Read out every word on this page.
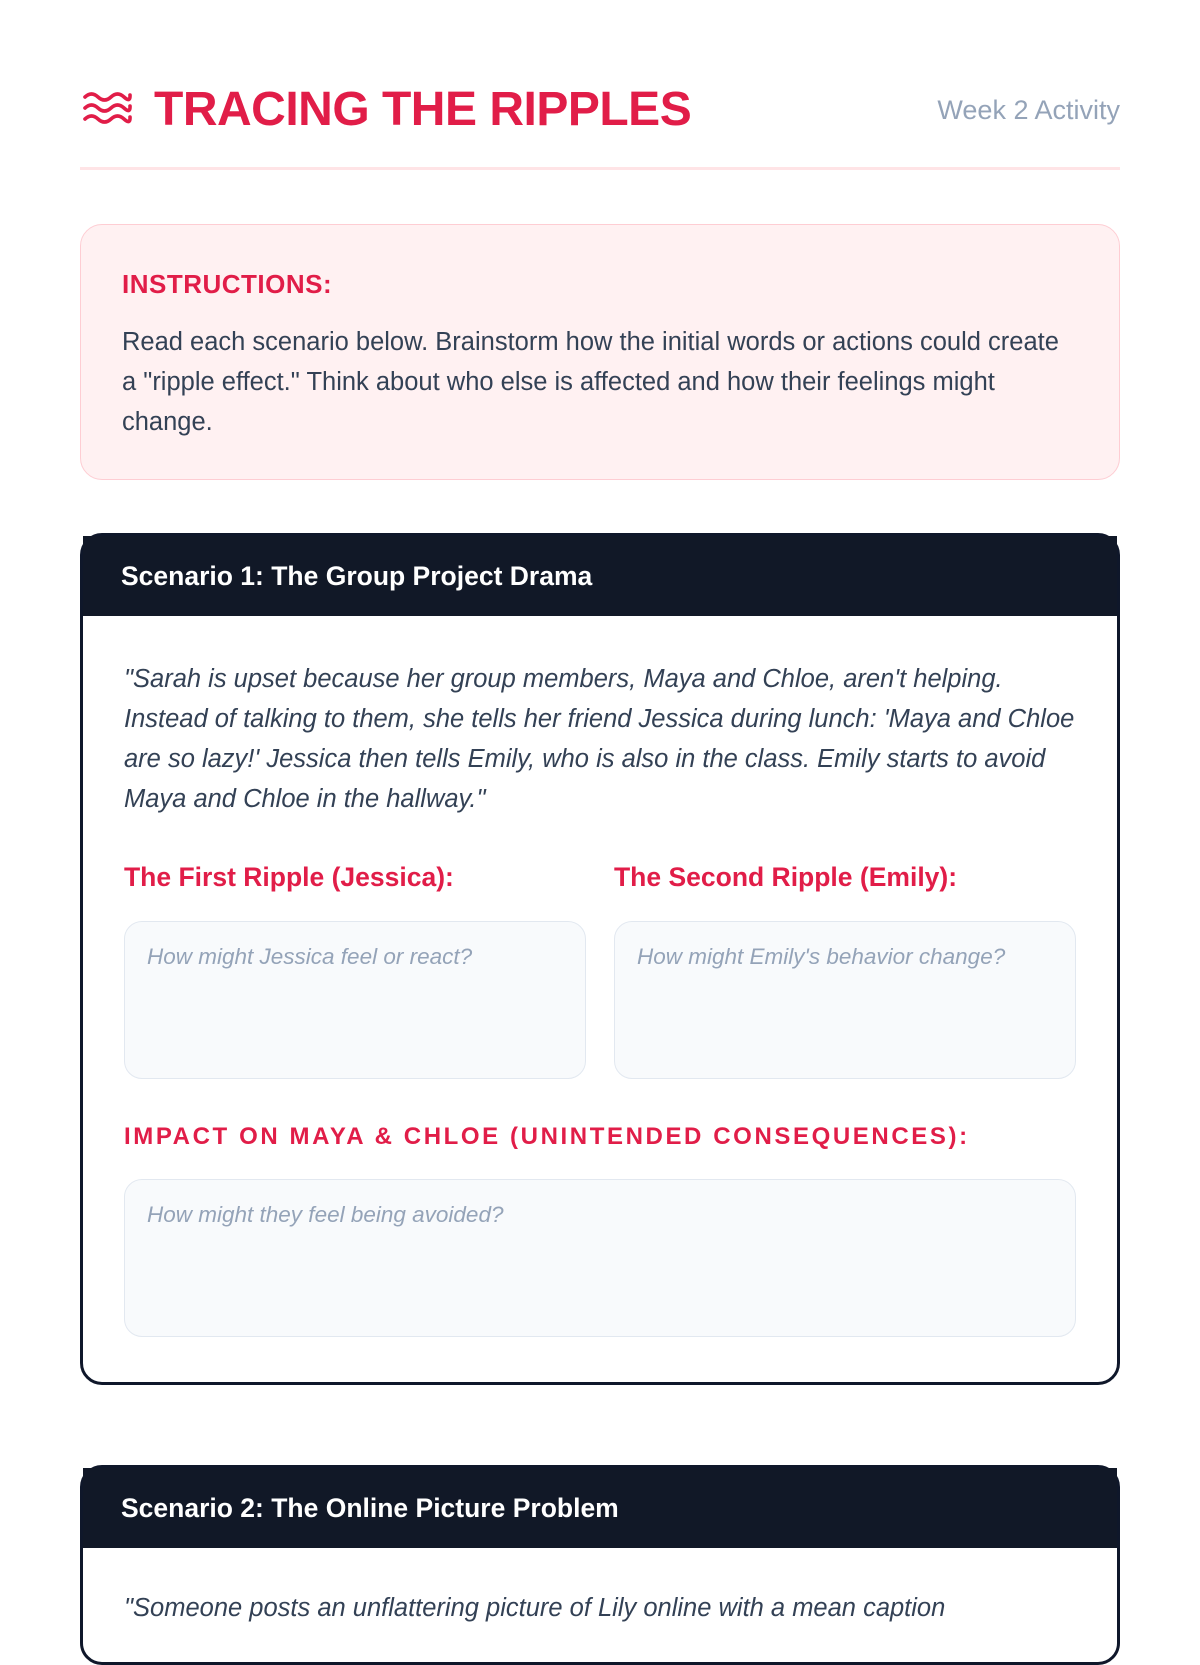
TRACING THE RIPPLES	Week 2 Activity
INSTRUCTIONS:
Read each scenario below. Brainstorm how the initial words or actions could create a "ripple effect." Think about who else is affected and how their feelings might change.
Scenario 1: The Group Project Drama
"Sarah is upset because her group members, Maya and Chloe, aren't helping. Instead of talking to them, she tells her friend Jessica during lunch: 'Maya and Chloe are so lazy!' Jessica then tells Emily, who is also in the class. Emily starts to avoid Maya and Chloe in the hallway."
The First Ripple (Jessica):
How might Jessica feel or react?
The Second Ripple (Emily):
How might Emily's behavior change?
IMPACT ON MAYA & CHLOE (UNINTENDED CONSEQUENCES):
How might they feel being avoided?
Scenario 2: The Online Picture Problem
"Someone posts an unflattering picture of Lily online with a mean caption
